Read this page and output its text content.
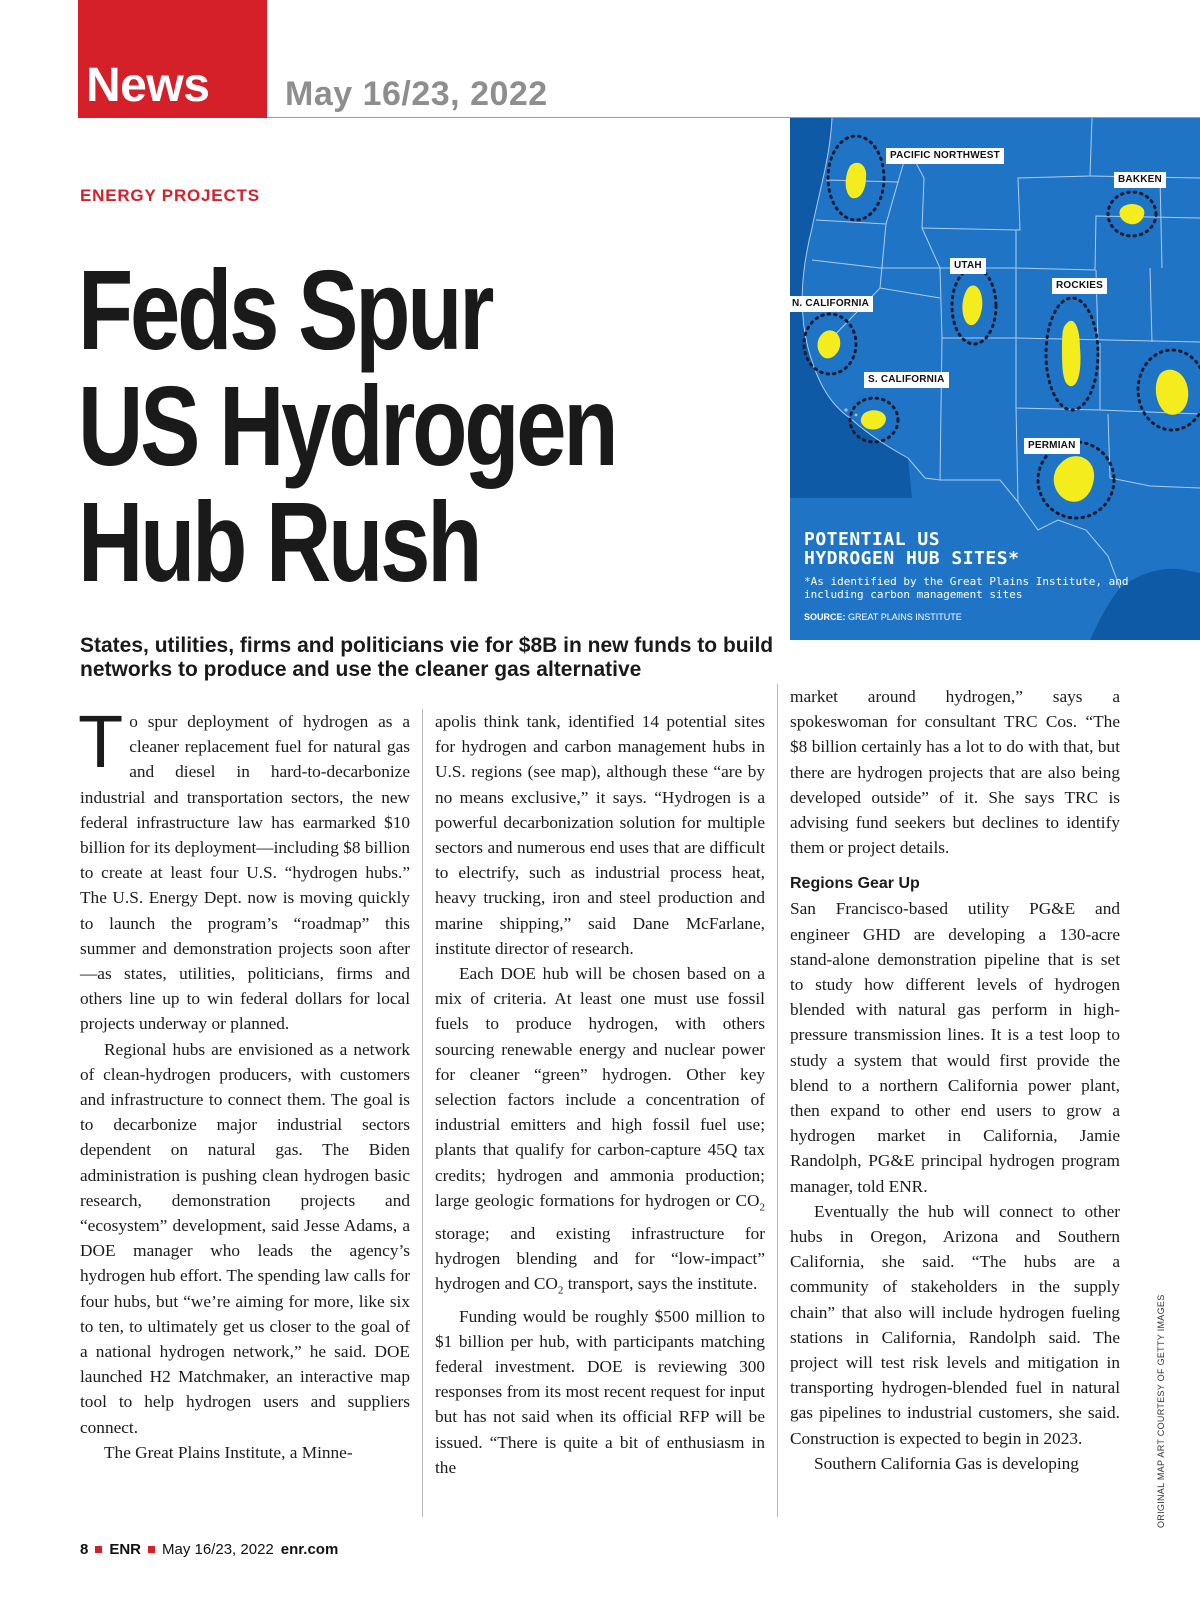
News May 16/23, 2022
ENERGY PROJECTS
Feds Spur
US Hydrogen
Hub Rush
States, utilities, firms and politicians vie for $8B in new funds to build networks to produce and use the cleaner gas alternative
PACIFIC NORTHWEST
BAKKEN
UTAH
ROCKIES
N. CALIFORNIA
S. CALIFORNIA
PERMIAN
POTENTIAL US
HYDROGEN HUB SITES*
*As identified by the Great Plains Institute, and
including carbon management sites
SOURCE: GREAT PLAINS INSTITUTE

To spur deployment of hydrogen as a cleaner replacement fuel for natural gas and diesel in hard-to-decarbonize industrial and transportation sectors, the new federal infrastructure law has earmarked $10 billion for its deployment—including $8 billion to create at least four U.S. “hydrogen hubs.” The U.S. Energy Dept. now is moving quickly to launch the program’s “roadmap” this summer and demonstration projects soon after—as states, utilities, politicians, firms and others line up to win federal dollars for local projects underway or planned.

Regional hubs are envisioned as a network of clean-hydrogen producers, with customers and infrastructure to connect them. The goal is to decarbonize major industrial sectors dependent on natural gas. The Biden administration is pushing clean hydrogen basic research, demonstration projects and “ecosystem” development, said Jesse Adams, a DOE manager who leads the agency’s hydrogen hub effort. The spending law calls for four hubs, but “we’re aiming for more, like six to ten, to ultimately get us closer to the goal of a national hydrogen network,” he said. DOE launched H2 Matchmaker, an interactive map tool to help hydrogen users and suppliers connect.

The Great Plains Institute, a Minne-

apolis think tank, identified 14 potential sites for hydrogen and carbon management hubs in U.S. regions (see map), although these “are by no means exclusive,” it says. “Hydrogen is a powerful decarbonization solution for multiple sectors and numerous end uses that are difficult to electrify, such as industrial process heat, heavy trucking, iron and steel production and marine shipping,” said Dane McFarlane, institute director of research.

Each DOE hub will be chosen based on a mix of criteria. At least one must use fossil fuels to produce hydrogen, with others sourcing renewable energy and nuclear power for cleaner “green” hydrogen. Other key selection factors include a concentration of industrial emitters and high fossil fuel use; plants that qualify for carbon-capture 45Q tax credits; hydrogen and ammonia production; large geologic formations for hydrogen or $CO_2$ storage; and existing infrastructure for hydrogen blending and for “low-impact” hydrogen and $CO_2$ transport, says the institute.

Funding would be roughly $500 million to $1 billion per hub, with participants matching federal investment. DOE is reviewing 300 responses from its most recent request for input but has not said when its official RFP will be issued. “There is quite a bit of enthusiasm in the

market around hydrogen,” says a spokeswoman for consultant TRC Cos. “The $8 billion certainly has a lot to do with that, but there are hydrogen projects that are also being developed outside” of it. She says TRC is advising fund seekers but declines to identify them or project details.

Regions Gear Up

San Francisco-based utility PG&E and engineer GHD are developing a 130-acre stand-alone demonstration pipeline that is set to study how different levels of hydrogen blended with natural gas perform in high-pressure transmission lines. It is a test loop to study a system that would first provide the blend to a northern California power plant, then expand to other end users to grow a hydrogen market in California, Jamie Randolph, PG&E principal hydrogen program manager, told ENR.

Eventually the hub will connect to other hubs in Oregon, Arizona and Southern California, she said. “The hubs are a community of stakeholders in the supply chain” that also will include hydrogen fueling stations in California, Randolph said. The project will test risk levels and mitigation in transporting hydrogen-blended fuel in natural gas pipelines to industrial customers, she said. Construction is expected to begin in 2023.

Southern California Gas is developing	ORIGINAL MAP ART COURTESY OF GETTY IMAGES
8 ENR May 16/23, 2022 enr.com
